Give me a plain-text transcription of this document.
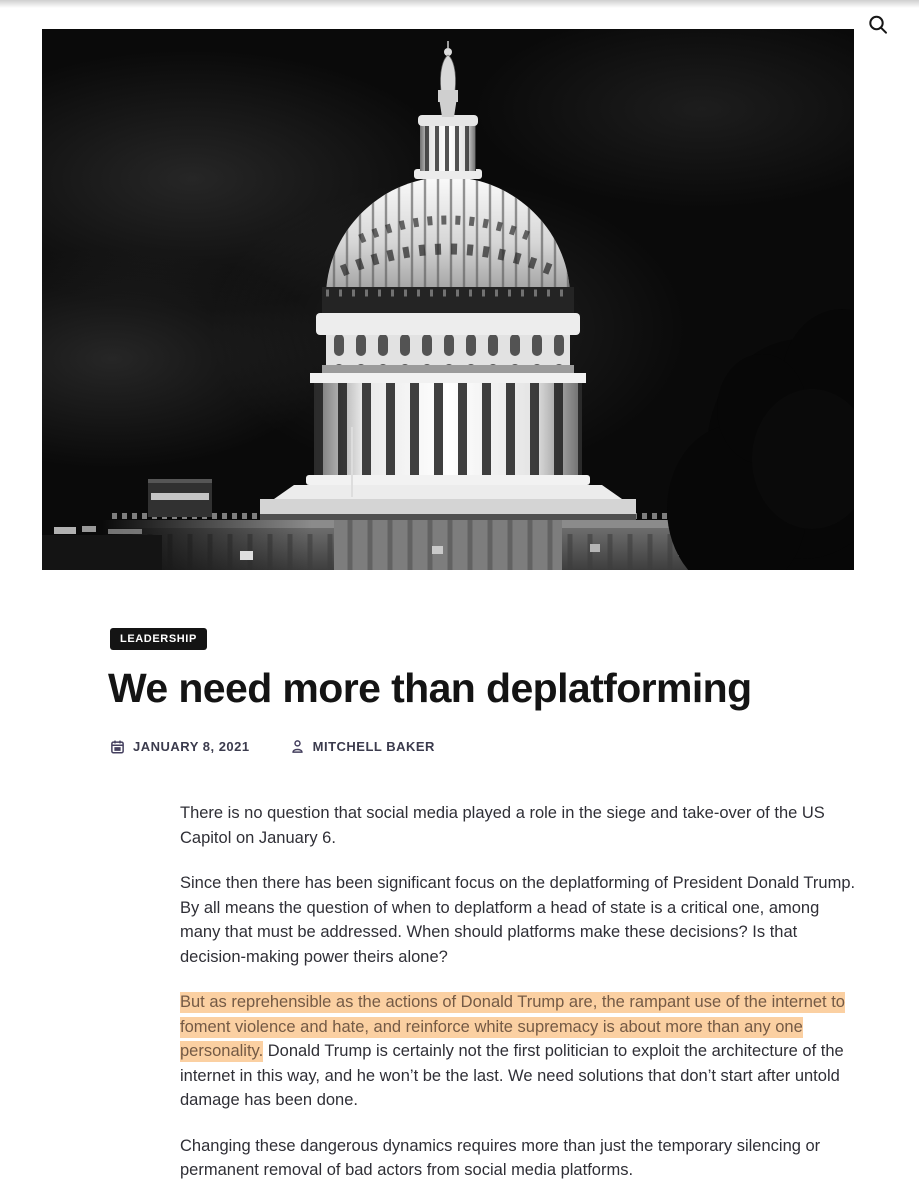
LEADERSHIP
We need more than deplatforming
JANUARY 8, 2021	MITCHELL BAKER

There is no question that social media played a role in the siege and take-over of the US Capitol on January 6.

Since then there has been significant focus on the deplatforming of President Donald Trump. By all means the question of when to deplatform a head of state is a critical one, among many that must be addressed. When should platforms make these decisions? Is that decision-making power theirs alone?

But as reprehensible as the actions of Donald Trump are, the rampant use of the internet to foment violence and hate, and reinforce white supremacy is about more than any one personality. Donald Trump is certainly not the first politician to exploit the architecture of the internet in this way, and he won’t be the last. We need solutions that don’t start after untold damage has been done.

Changing these dangerous dynamics requires more than just the temporary silencing or permanent removal of bad actors from social media platforms.
